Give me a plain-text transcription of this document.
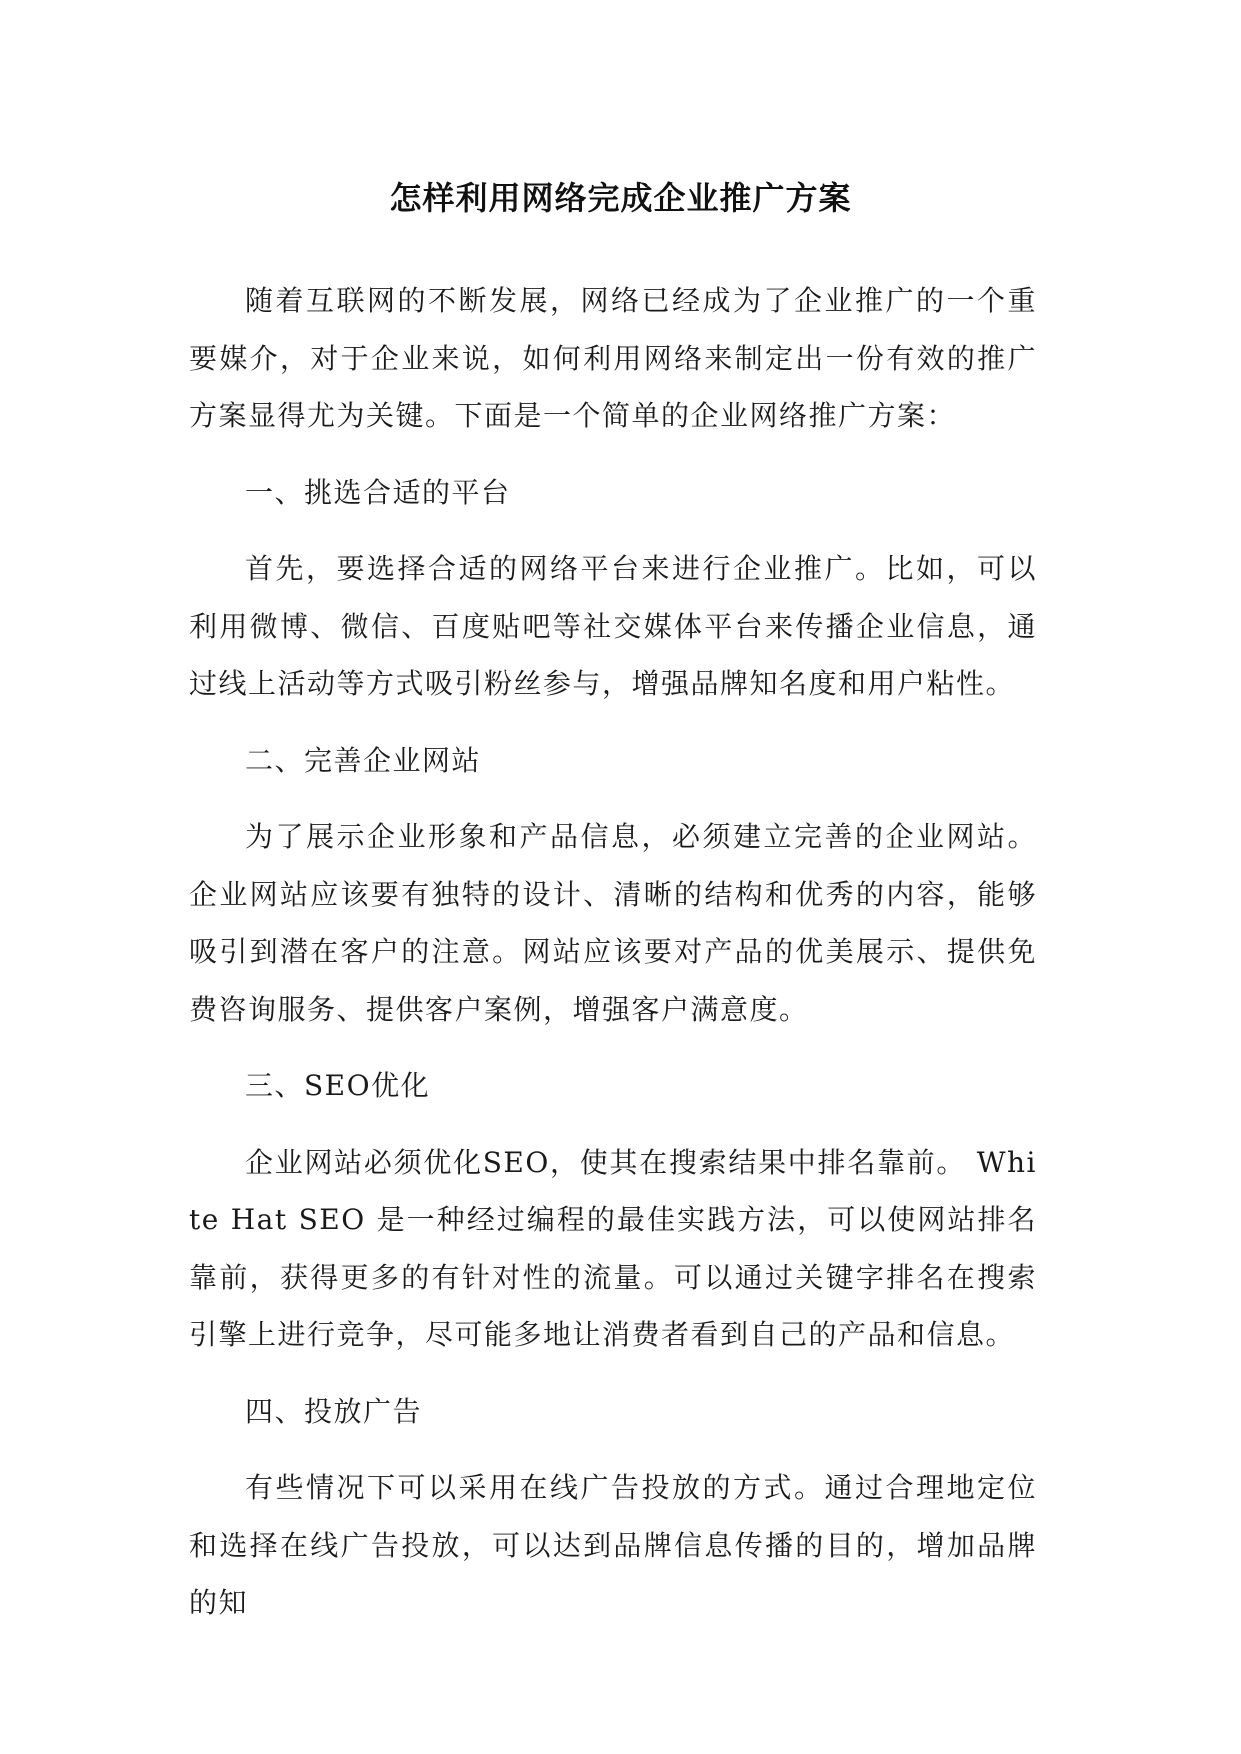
怎样利用网络完成企业推广方案

随着互联网的不断发展，网络已经成为了企业推广的一个重要媒介，对于企业来说，如何利用网络来制定出一份有效的推广方案显得尤为关键。下面是一个简单的企业网络推广方案：

一、挑选合适的平台

首先，要选择合适的网络平台来进行企业推广。比如，可以利用微博、微信、百度贴吧等社交媒体平台来传播企业信息，通过线上活动等方式吸引粉丝参与，增强品牌知名度和用户粘性。

二、完善企业网站

为了展示企业形象和产品信息，必须建立完善的企业网站。企业网站应该要有独特的设计、清晰的结构和优秀的内容，能够吸引到潜在客户的注意。网站应该要对产品的优美展示、提供免费咨询服务、提供客户案例，增强客户满意度。

三、SEO优化

企业网站必须优化SEO，使其在搜索结果中排名靠前。 White Hat SEO 是一种经过编程的最佳实践方法，可以使网站排名靠前，获得更多的有针对性的流量。可以通过关键字排名在搜索引擎上进行竞争，尽可能多地让消费者看到自己的产品和信息。

四、投放广告

有些情况下可以采用在线广告投放的方式。通过合理地定位和选择在线广告投放，可以达到品牌信息传播的目的，增加品牌的知
